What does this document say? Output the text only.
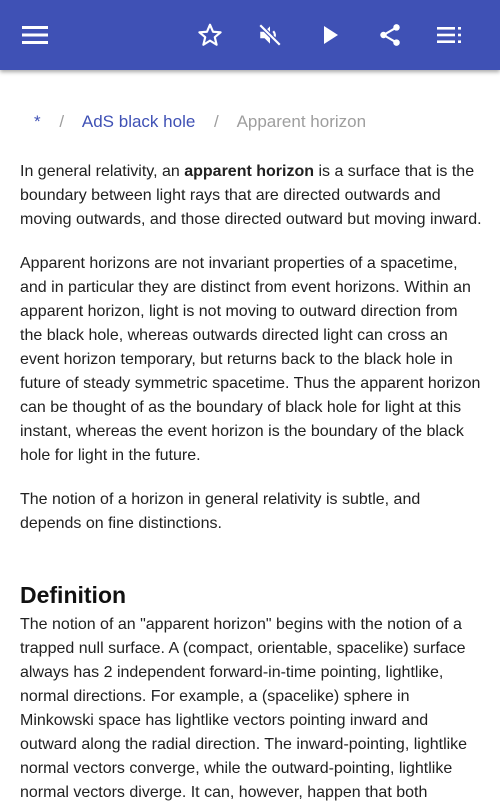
* / AdS black hole / Apparent horizon

In general relativity, an apparent horizon is a surface that is the boundary between light rays that are directed outwards and moving outwards, and those directed outward but moving inward.

Apparent horizons are not invariant properties of a spacetime, and in particular they are distinct from event horizons. Within an apparent horizon, light is not moving to outward direction from the black hole, whereas outwards directed light can cross an event horizon temporary, but returns back to the black hole in future of steady symmetric spacetime. Thus the apparent horizon can be thought of as the boundary of black hole for light at this instant, whereas the event horizon is the boundary of the black hole for light in the future.

The notion of a horizon in general relativity is subtle, and depends on fine distinctions.

Definition

The notion of an "apparent horizon" begins with the notion of a trapped null surface. A (compact, orientable, spacelike) surface always has 2 independent forward-in-time pointing, lightlike, normal directions. For example, a (spacelike) sphere in Minkowski space has lightlike vectors pointing inward and outward along the radial direction. The inward-pointing, lightlike normal vectors converge, while the outward-pointing, lightlike normal vectors diverge. It can, however, happen that both
